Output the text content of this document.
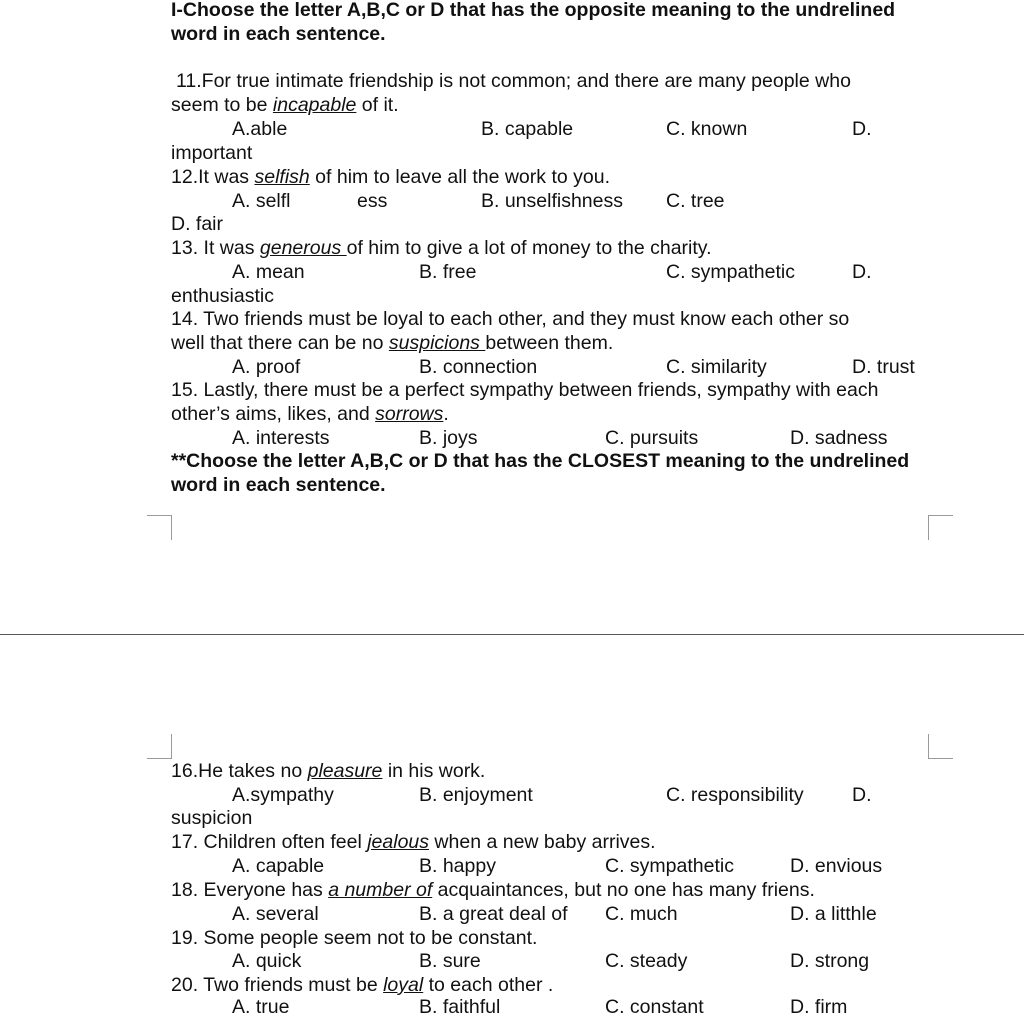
I-Choose the letter A,B,C or D that has the opposite meaning to the undrelined
word in each sentence.
11.For true intimate friendship is not common; and there are many people who
seem to be incapable of it.
A.able	B. capable	C. known	D.
important
12.It was selfish of him to leave all the work to you.
A. selfl	ess	B. unselfishness C. tree
D. fair
13. It was generous of him to give a lot of money to the charity.
A. mean	B. free	C. sympathetic	D.
enthusiastic
14. Two friends must be loyal to each other, and they must know each other so
well that there can be no suspicions between them.
A. proof	B. connection	C. similarity	D. trust
15. Lastly, there must be a perfect sympathy between friends, sympathy with each
other’s aims, likes, and sorrows.
A. interests	B. joys	C. pursuits	D. sadness
**Choose the letter A,B,C or D that has the CLOSEST meaning to the undrelined
word in each sentence.
16.He takes no pleasure in his work.
A.sympathy	B. enjoyment	C. responsibility D.
suspicion
17. Children often feel jealous when a new baby arrives.
A. capable	B. happy	C. sympathetic	D. envious
18. Everyone has a number of acquaintances, but no one has many friens.
A. several	B. a great deal of C. much	D. a litthle
19. Some people seem not to be constant.
A. quick	B. sure	C. steady	D. strong
20. Two friends must be loyal to each other .
A. true	B. faithful	C. constant	D. firm
